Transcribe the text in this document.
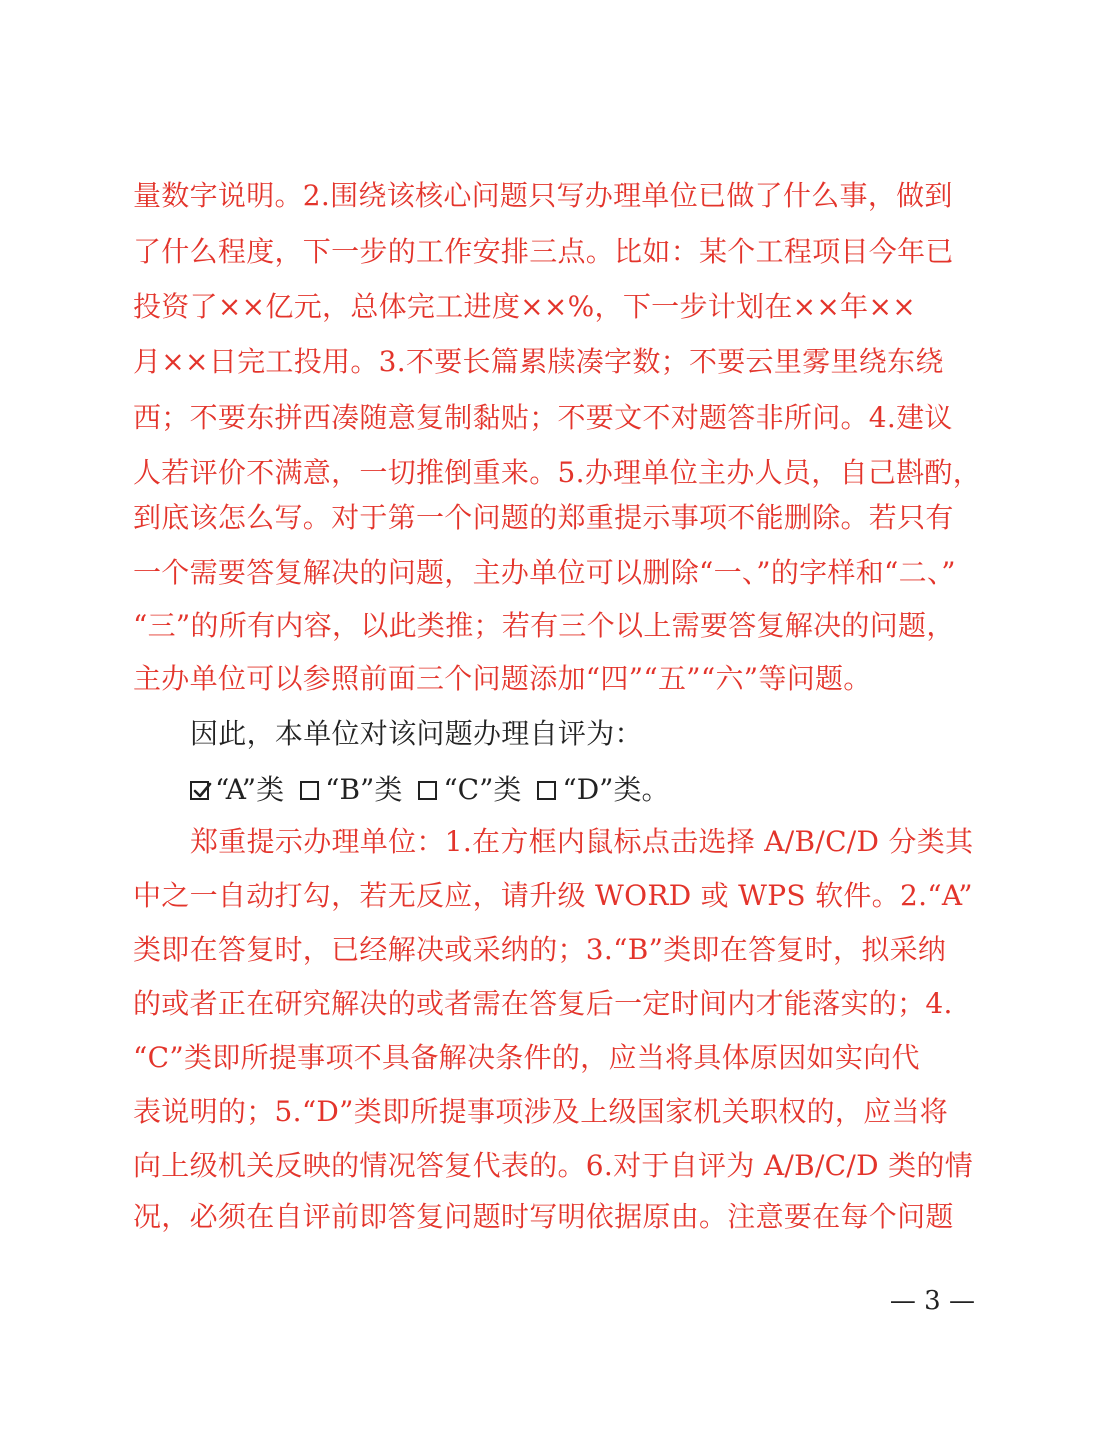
量数字说明。2.围绕该核心问题只写办理单位已做了什么事，做到
了什么程度，下一步的工作安排三点。比如：某个工程项目今年已
投资了××亿元，总体完工进度××%，下一步计划在××年××
月××日完工投用。3.不要长篇累牍凑字数；不要云里雾里绕东绕
西；不要东拼西凑随意复制黏贴；不要文不对题答非所问。4.建议
人若评价不满意，一切推倒重来。5.办理单位主办人员，自己斟酌，
到底该怎么写。对于第一个问题的郑重提示事项不能删除。若只有
一个需要答复解决的问题，主办单位可以删除“一、”的字样和“二、”
“三”的所有内容，以此类推；若有三个以上需要答复解决的问题，
主办单位可以参照前面三个问题添加“四”“五”“六”等问题。
因此，本单位对该问题办理自评为：
“A”类 “B”类 “C”类 “D”类。
郑重提示办理单位：1.在方框内鼠标点击选择 A/B/C/D 分类其
中之一自动打勾，若无反应，请升级 WORD 或 WPS 软件。2.“A”
类即在答复时，已经解决或采纳的；3.“B”类即在答复时，拟采纳
的或者正在研究解决的或者需在答复后一定时间内才能落实的；4.
“C”类即所提事项不具备解决条件的，应当将具体原因如实向代
表说明的；5.“D”类即所提事项涉及上级国家机关职权的，应当将
向上级机关反映的情况答复代表的。6.对于自评为 A/B/C/D 类的情
况，必须在自评前即答复问题时写明依据原由。注意要在每个问题
— 3 —
